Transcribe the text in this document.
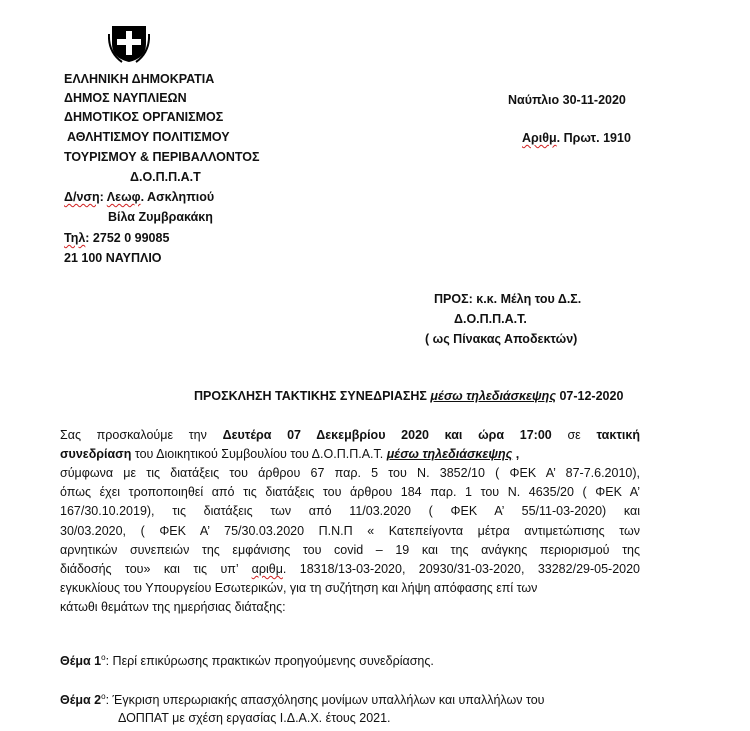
ΕΛΛΗΝΙΚΗ ΔΗΜΟΚΡΑΤΙΑ
ΔΗΜΟΣ ΝΑΥΠΛΙΕΩΝ
ΔΗΜΟΤΙΚΟΣ ΟΡΓΑΝΙΣΜΟΣ
ΑΘΛΗΤΙΣΜΟΥ ΠΟΛΙΤΙΣΜΟΥ
ΤΟΥΡΙΣΜΟΥ & ΠΕΡΙΒΑΛΛΟΝΤΟΣ
Δ.Ο.Π.Π.Α.Τ
Δ/νση: Λεωφ. Ασκληπιού
Βίλα Ζυμβρακάκη
Τηλ: 2752 0 99085
21 100 ΝΑΥΠΛΙΟ
Ναύπλιο 30-11-2020
Αριθμ. Πρωτ. 1910
ΠΡΟΣ: κ.κ. Μέλη του Δ.Σ.
Δ.Ο.Π.Π.Α.Τ.
( ως Πίνακας Αποδεκτών)
ΠΡΟΣΚΛΗΣΗ ΤΑΚΤΙΚΗΣ ΣΥΝΕΔΡΙΑΣΗΣ μέσω τηλεδιάσκεψης 07-12-2020
Σας προσκαλούμε την Δευτέρα 07 Δεκεμβρίου 2020 και ώρα 17:00 σε τακτική
συνεδρίαση του Διοικητικού Συμβουλίου του Δ.Ο.Π.Π.Α.Τ. μέσω τηλεδιάσκεψης ,
σύμφωνα με τις διατάξεις του άρθρου 67 παρ. 5 του Ν. 3852/10 ( ΦΕΚ Α’ 87-7.6.2010),
όπως έχει τροποποιηθεί από τις διατάξεις του άρθρου 184 παρ. 1 του Ν. 4635/20 ( ΦΕΚ Α’
167/30.10.2019), τις διατάξεις των από 11/03.2020 ( ΦΕΚ Α’ 55/11-03-2020) και
30/03.2020, ( ΦΕΚ Α’ 75/30.03.2020 Π.Ν.Π « Κατεπείγοντα μέτρα αντιμετώπισης των
αρνητικών συνεπειών της εμφάνισης του covid – 19 και της ανάγκης περιορισμού της
διάδοσής του» και τις υπ’ αριθμ. 18318/13-03-2020, 20930/31-03-2020, 33282/29-05-2020
εγκυκλίους του Υπουργείου Εσωτερικών, για τη συζήτηση και λήψη απόφασης επί των
κάτωθι θεμάτων της ημερήσιας διάταξης:
Θέμα $1^o$: Περί επικύρωσης πρακτικών προηγούμενης συνεδρίασης.
Θέμα $2^o$: Έγκριση υπερωριακής απασχόλησης μονίμων υπαλλήλων και υπαλλήλων του
ΔΟΠΠΑΤ με σχέση εργασίας Ι.Δ.Α.Χ. έτους 2021.
